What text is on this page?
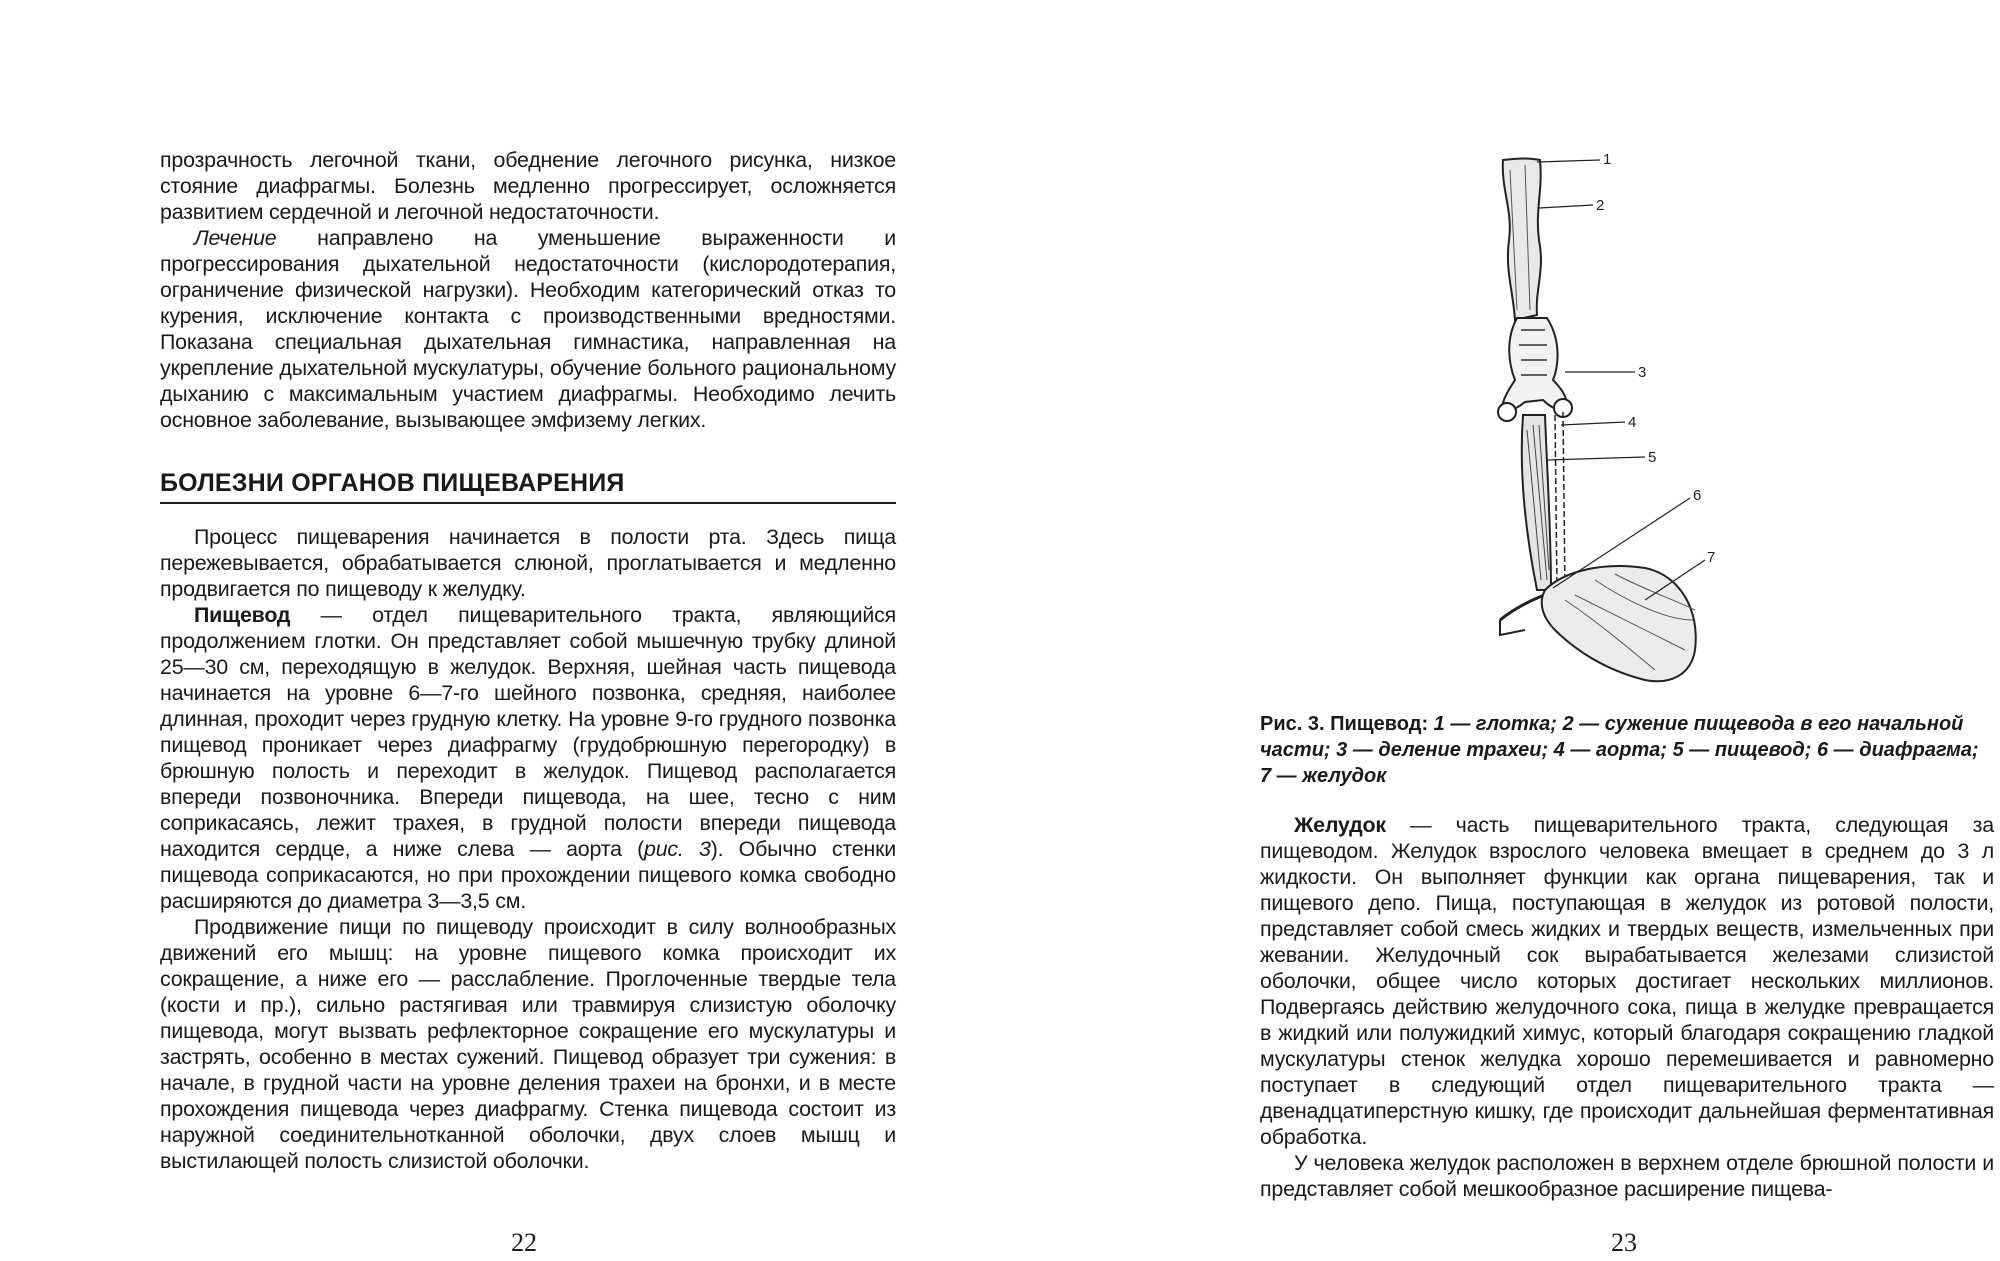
прозрачность легочной ткани, обеднение легочного рисунка, низкое стояние диафрагмы. Болезнь медленно прогрессирует, осложняется развитием сердечной и легочной недостаточности.

Лечение направлено на уменьшение выраженности и прогрессирования дыхательной недостаточности (кислородотерапия, ограничение физической нагрузки). Необходим категорический отказ то курения, исключение контакта с производственными вредностями. Показана специальная дыхательная гимнастика, направленная на укрепление дыхательной мускулатуры, обучение больного рациональному дыханию с максимальным участием диафрагмы. Необходимо лечить основное заболевание, вызывающее эмфизему легких.

БОЛЕЗНИ ОРГАНОВ ПИЩЕВАРЕНИЯ

Процесс пищеварения начинается в полости рта. Здесь пища пережевывается, обрабатывается слюной, проглатывается и медленно продвигается по пищеводу к желудку.

Пищевод — отдел пищеварительного тракта, являющийся продолжением глотки. Он представляет собой мышечную трубку длиной 25—30 см, переходящую в желудок. Верхняя, шейная часть пищевода начинается на уровне 6—7-го шейного позвонка, средняя, наиболее длинная, проходит через грудную клетку. На уровне 9-го грудного позвонка пищевод проникает через диафрагму (грудобрюшную перегородку) в брюшную полость и переходит в желудок. Пищевод располагается впереди позвоночника. Впереди пищевода, на шее, тесно с ним соприкасаясь, лежит трахея, в грудной полости впереди пищевода находится сердце, а ниже слева — аорта (рис. 3). Обычно стенки пищевода соприкасаются, но при прохождении пищевого комка свободно расширяются до диаметра 3—3,5 см.

Продвижение пищи по пищеводу происходит в силу волнообразных движений его мышц: на уровне пищевого комка происходит их сокращение, а ниже его — расслабление. Проглоченные твердые тела (кости и пр.), сильно растягивая или травмируя слизистую оболочку пищевода, могут вызвать рефлекторное сокращение его мускулатуры и застрять, особенно в местах сужений. Пищевод образует три сужения: в начале, в грудной части на уровне деления трахеи на бронхи, и в месте прохождения пищевода через диафрагму. Стенка пищевода состоит из наружной соединительнотканной оболочки, двух слоев мышц и выстилающей полость слизистой оболочки.

22
1
2
3
4
5
6
7
Рис. 3. Пищевод: 1 — глотка; 2 — сужение пищевода в его начальной части; 3 — деление трахеи; 4 — аорта; 5 — пищевод; 6 — диафрагма; 7 — желудок

Желудок — часть пищеварительного тракта, следующая за пищеводом. Желудок взрослого человека вмещает в среднем до 3 л жидкости. Он выполняет функции как органа пищеварения, так и пищевого депо. Пища, поступающая в желудок из ротовой полости, представляет собой смесь жидких и твердых веществ, измельченных при жевании. Желудочный сок вырабатывается железами слизистой оболочки, общее число которых достигает нескольких миллионов. Подвергаясь действию желудочного сока, пища в желудке превращается в жидкий или полужидкий химус, который благодаря сокращению гладкой мускулатуры стенок желудка хорошо перемешивается и равномерно поступает в следующий отдел пищеварительного тракта — двенадцатиперстную кишку, где происходит дальнейшая ферментативная обработка.

У человека желудок расположен в верхнем отделе брюшной полости и представляет собой мешкообразное расширение пищева-

23
